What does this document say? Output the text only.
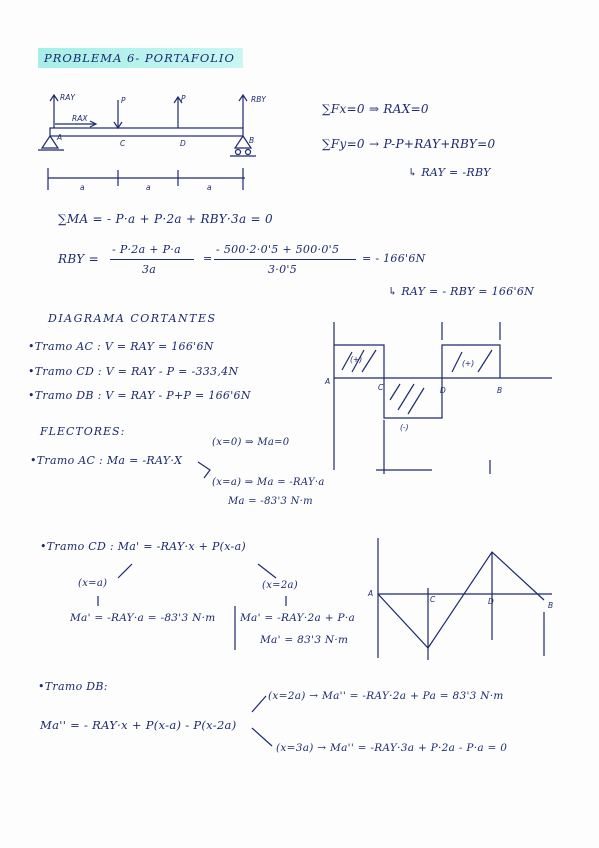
PROBLEMA 6- PORTAFOLIO
RAY
RAX
RBY
P	P
A	B
C	D
a	a	a
∑Fx=0 ⇒ RAX=0
∑Fy=0 → P-P+RAY+RBY=0
↳ RAY = -RBY
∑MA = - P·a + P·2a + RBY·3a = 0
RBY =
- P·2a + P·a
3a
=
- 500·2·0'5 + 500·0'5
3·0'5
= - 166'6N
↳ RAY = - RBY = 166'6N
DIAGRAMA CORTANTES
•Tramo AC : V = RAY = 166'6N
•Tramo CD : V = RAY - P = -333,4N
•Tramo DB : V = RAY - P+P = 166'6N
(+)	(+)
(-)
A
C	D	B
FLECTORES:
•Tramo AC : Ma = -RAY·X
(x=0) ⇒ Ma=0
(x=a) ⇒ Ma = -RAY·a
Ma = -83'3 N·m
•Tramo CD : Ma' = -RAY·x + P(x-a)
(x=a)	(x=2a)
Ma' = -RAY·a = -83'3 N·m Ma' = -RAY·2a + P·a
Ma' = 83'3 N·m
A
C	D	B
•Tramo DB:
Ma'' = - RAY·x + P(x-a) - P(x-2a)
(x=2a) → Ma'' = -RAY·2a + Pa = 83'3 N·m
(x=3a) → Ma'' = -RAY·3a + P·2a - P·a = 0
